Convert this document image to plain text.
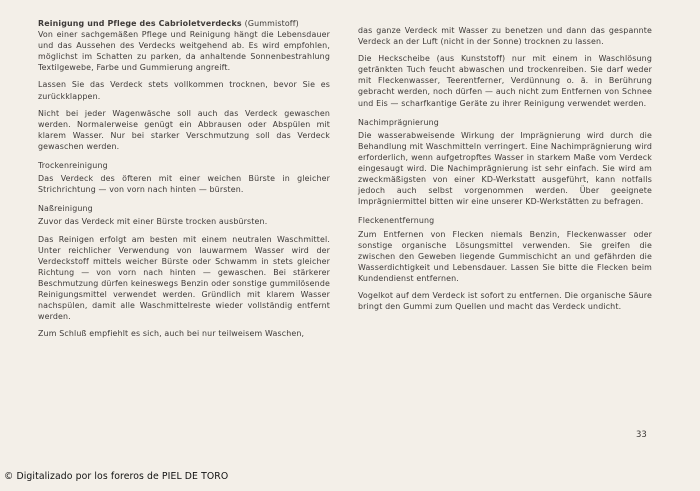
Reinigung und Pflege des Cabrioletverdecks (Gummistoff)

Von einer sachgemäßen Pflege und Reinigung hängt die Lebensdauer und das Aussehen des Verdecks weitgehend ab. Es wird empfohlen, möglichst im Schatten zu parken, da anhaltende Sonnenbestrahlung Textilgewebe, Farbe und Gummierung angreift.

Lassen Sie das Verdeck stets vollkommen trocknen, bevor Sie es zurückklappen.

Nicht bei jeder Wagenwäsche soll auch das Verdeck gewaschen werden. Normalerweise genügt ein Abbrausen oder Abspülen mit klarem Wasser. Nur bei starker Verschmutzung soll das Verdeck gewaschen werden.

Trockenreinigung

Das Verdeck des öfteren mit einer weichen Bürste in gleicher Strichrichtung — von vorn nach hinten — bürsten.

Naßreinigung

Zuvor das Verdeck mit einer Bürste trocken ausbürsten.

Das Reinigen erfolgt am besten mit einem neutralen Waschmittel. Unter reichlicher Verwendung von lauwarmem Wasser wird der Verdeckstoff mittels weicher Bürste oder Schwamm in stets gleicher Richtung — von vorn nach hinten — gewaschen. Bei stärkerer Beschmutzung dürfen keineswegs Benzin oder sonstige gummilösende Reinigungsmittel verwendet werden. Gründlich mit klarem Wasser nachspülen, damit alle Waschmittelreste wieder vollständig entfernt werden.

Zum Schluß empfiehlt es sich, auch bei nur teilweisem Waschen,

das ganze Verdeck mit Wasser zu benetzen und dann das gespannte Verdeck an der Luft (nicht in der Sonne) trocknen zu lassen.

Die Heckscheibe (aus Kunststoff) nur mit einem in Waschlösung getränkten Tuch feucht abwaschen und trockenreiben. Sie darf weder mit Fleckenwasser, Teerentferner, Verdünnung o. ä. in Berührung gebracht werden, noch dürfen — auch nicht zum Entfernen von Schnee und Eis — scharfkantige Geräte zu ihrer Reinigung verwendet werden.

Nachimprägnierung

Die wasserabweisende Wirkung der Imprägnierung wird durch die Behandlung mit Waschmitteln verringert. Eine Nachimprägnierung wird erforderlich, wenn aufgetropftes Wasser in starkem Maße vom Verdeck eingesaugt wird. Die Nachimprägnierung ist sehr einfach. Sie wird am zweckmäßigsten von einer KD-Werkstatt ausgeführt, kann notfalls jedoch auch selbst vorgenommen werden. Über geeignete Imprägniermittel bitten wir eine unserer KD-Werkstätten zu befragen.

Fleckenentfernung

Zum Entfernen von Flecken niemals Benzin, Fleckenwasser oder sonstige organische Lösungsmittel verwenden. Sie greifen die zwischen den Geweben liegende Gummischicht an und gefährden die Wasserdichtigkeit und Lebensdauer. Lassen Sie bitte die Flecken beim Kundendienst entfernen.

Vogelkot auf dem Verdeck ist sofort zu entfernen. Die organische Säure bringt den Gummi zum Quellen und macht das Verdeck undicht.

33
© Digitalizado por los foreros de PIEL DE TORO
